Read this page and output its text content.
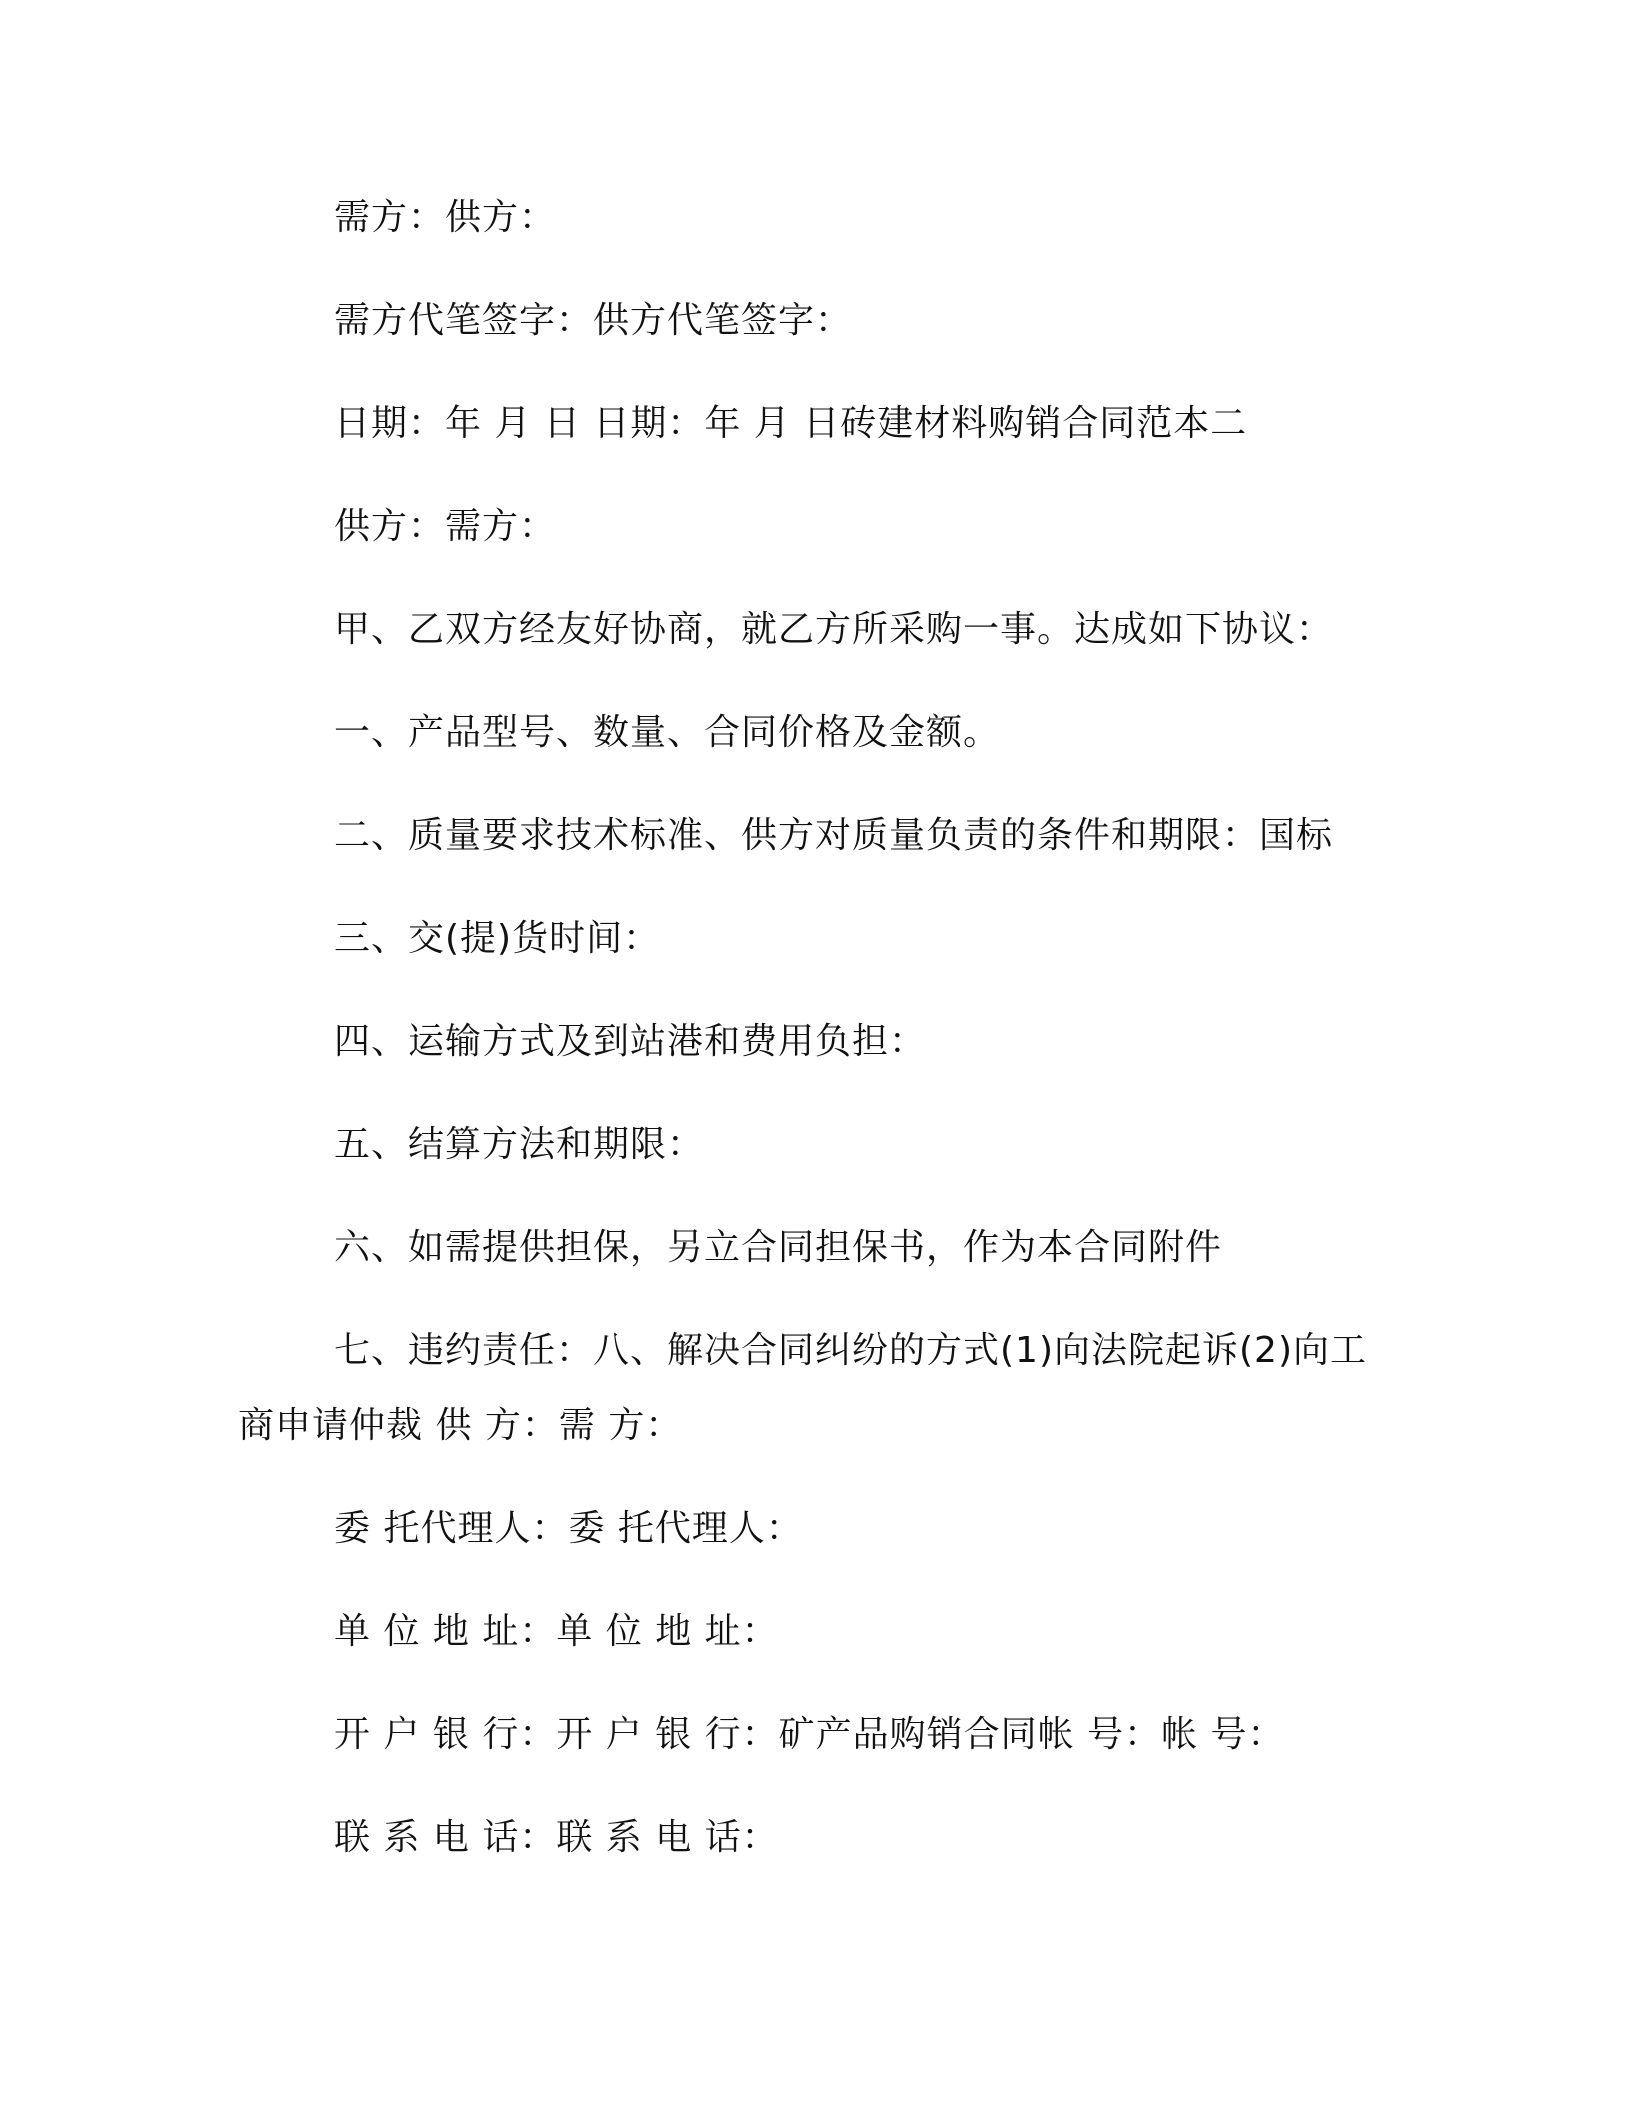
需方：供方：
需方代笔签字：供方代笔签字：
日期：年 月 日 日期：年 月 日砖建材料购销合同范本二
供方：需方：
甲、乙双方经友好协商，就乙方所采购一事。达成如下协议：
一、产品型号、数量、合同价格及金额。
二、质量要求技术标准、供方对质量负责的条件和期限：国标
三、交(提)货时间：
四、运输方式及到站港和费用负担：
五、结算方法和期限：
六、如需提供担保，另立合同担保书，作为本合同附件
七、违约责任：八、解决合同纠纷的方式(1)向法院起诉(2)向工
商申请仲裁 供 方：需 方：
委 托代理人：委 托代理人：
单 位 地 址：单 位 地 址：
开 户 银 行：开 户 银 行：矿产品购销合同帐 号：帐 号：
联 系 电 话：联 系 电 话：
